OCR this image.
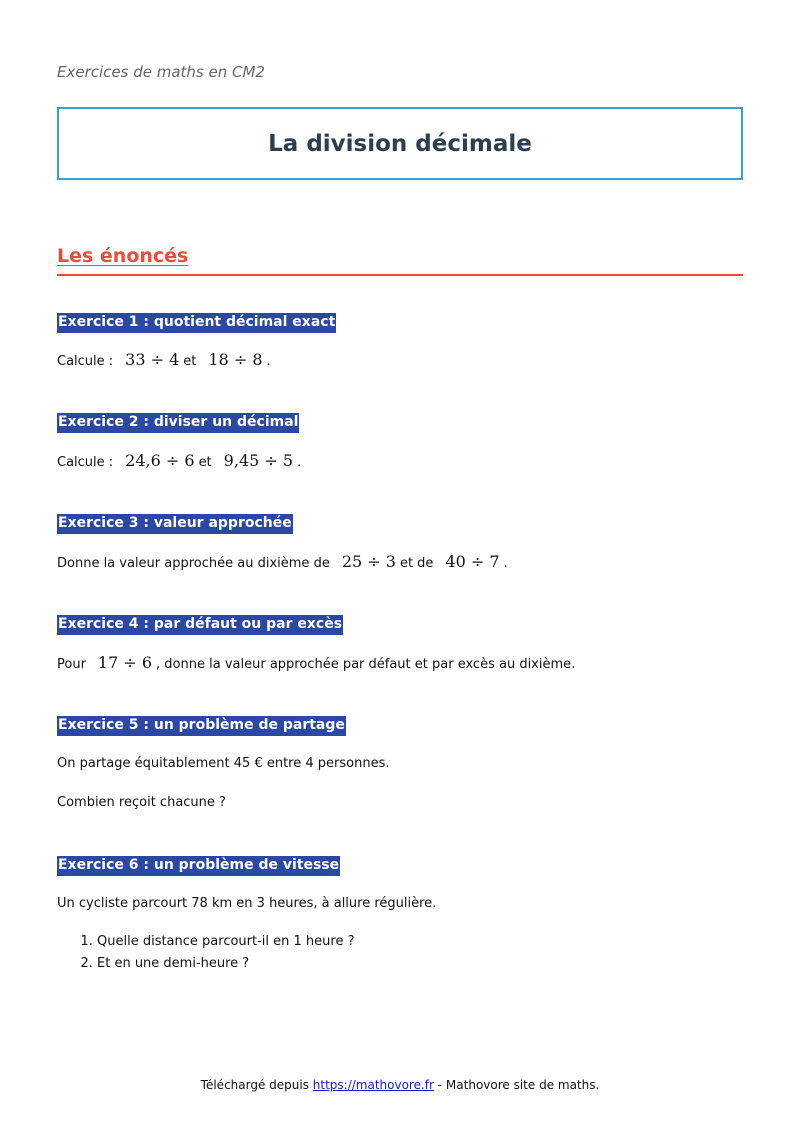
Exercices de maths en CM2
La division décimale
Les énoncés
Exercice 1 : quotient décimal exact
Calcule : 33 ÷ 4 et 18 ÷ 8 .
Exercice 2 : diviser un décimal
Calcule : 24,6 ÷ 6 et 9,45 ÷ 5 .
Exercice 3 : valeur approchée
Donne la valeur approchée au dixième de 25 ÷ 3 et de 40 ÷ 7 .
Exercice 4 : par défaut ou par excès
Pour 17 ÷ 6 , donne la valeur approchée par défaut et par excès au dixième.
Exercice 5 : un problème de partage
On partage équitablement 45 € entre 4 personnes.
Combien reçoit chacune ?
Exercice 6 : un problème de vitesse
Un cycliste parcourt 78 km en 3 heures, à allure régulière.
1. Quelle distance parcourt-il en 1 heure ?
2. Et en une demi-heure ?
Téléchargé depuis https://mathovore.fr - Mathovore site de maths.
